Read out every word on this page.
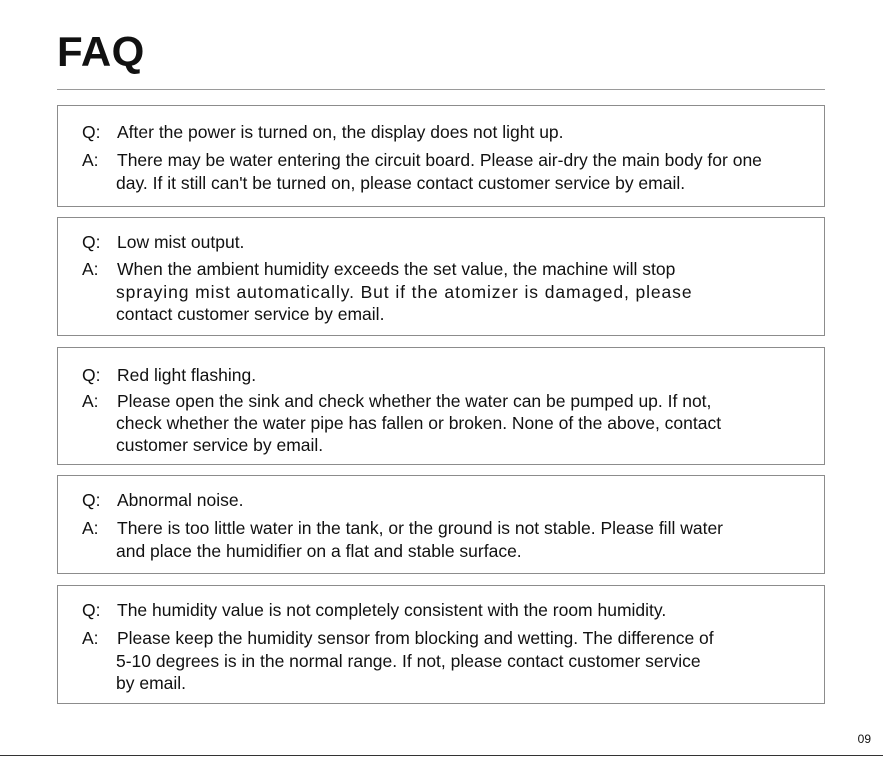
FAQ
Q: After the power is turned on, the display does not light up.
A: There may be water entering the circuit board. Please air-dry the main body for one
day. If it still can't be turned on, please contact customer service by email.
Q: Low mist output.
A: When the ambient humidity exceeds the set value, the machine will stop
spraying mist automatically. But if the atomizer is damaged, please
contact customer service by email.
Q: Red light flashing.
A: Please open the sink and check whether the water can be pumped up. If not,
check whether the water pipe has fallen or broken. None of the above, contact
customer service by email.
Q: Abnormal noise.
A: There is too little water in the tank, or the ground is not stable. Please fill water
and place the humidifier on a flat and stable surface.
Q: The humidity value is not completely consistent with the room humidity.
A: Please keep the humidity sensor from blocking and wetting. The difference of
5-10 degrees is in the normal range. If not, please contact customer service
by email.
09
